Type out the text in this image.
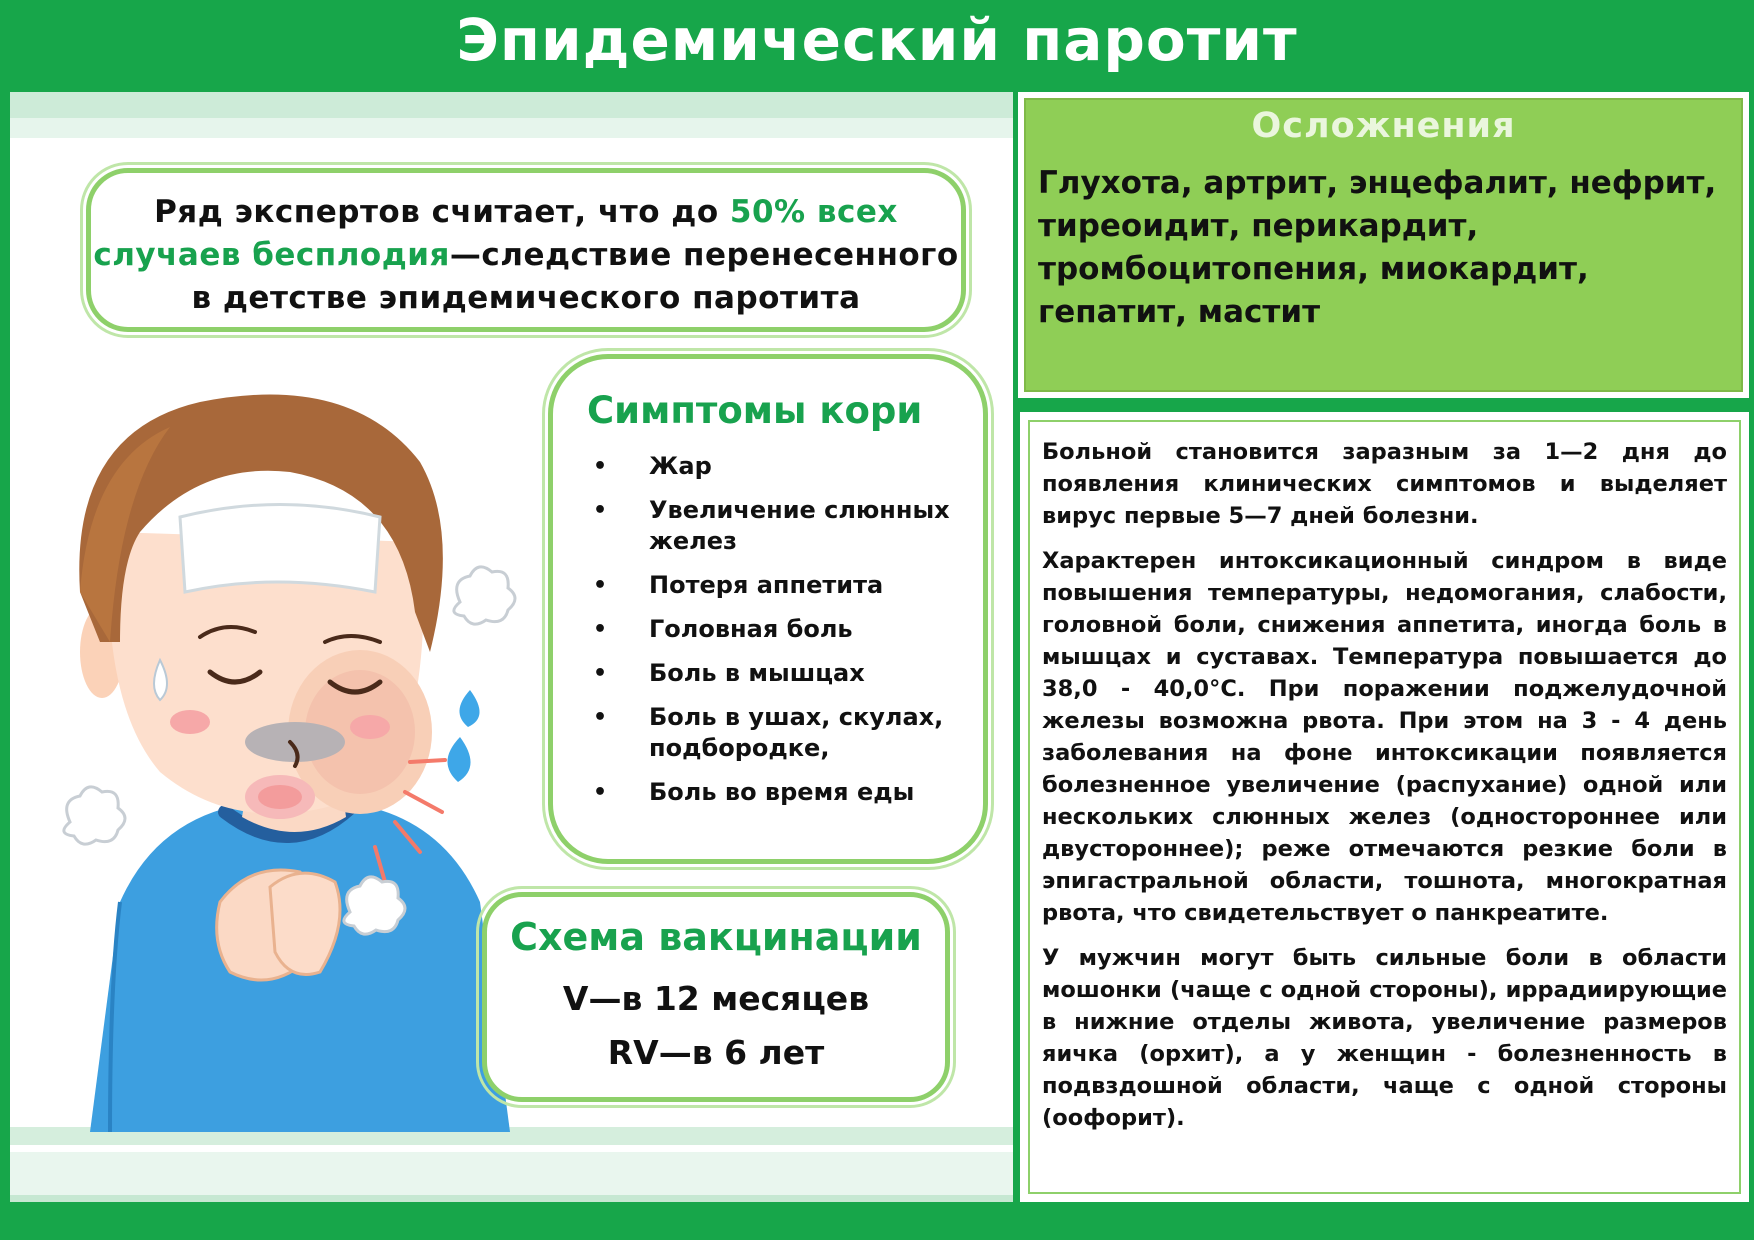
Эпидемический паротит
Ряд экспертов считает, что до 50% всех случаев бесплодия—следствие перенесенного в детстве эпидемического паротита
Симптомы кори
• Жар
• Увеличение слюнных желез
• Потеря аппетита
• Головная боль
• Боль в мышцах
• Боль в ушах, скулах, подбородке,
• Боль во время еды
Схема вакцинации
V—в 12 месяцев
RV—в 6 лет
Осложнения
Глухота, артрит, энцефалит, нефрит, тиреоидит, перикардит, тромбоцитопения, миокардит, гепатит, мастит

Больной становится заразным за 1—2 дня до появления клинических симптомов и выделяет вирус первые 5—7 дней болезни.

Характерен интоксикационный синдром в виде повышения температуры, недомогания, слабости, головной боли, снижения аппетита, иногда боль в мышцах и суставах. Температура повышается до 38,0 - 40,0°С. При поражении поджелудочной железы возможна рвота. При этом на 3 - 4 день заболевания на фоне интоксикации появляется болезненное увеличение (распухание) одной или нескольких слюнных желез (одностороннее или двустороннее); реже отмечаются резкие боли в эпигастральной области, тошнота, многократная рвота, что свидетельствует о панкреатите.

У мужчин могут быть сильные боли в области мошонки (чаще с одной стороны), иррадиирующие в нижние отделы живота, увеличение размеров яичка (орхит), а у женщин - болезненность в подвздошной области, чаще с одной стороны (оофорит).
